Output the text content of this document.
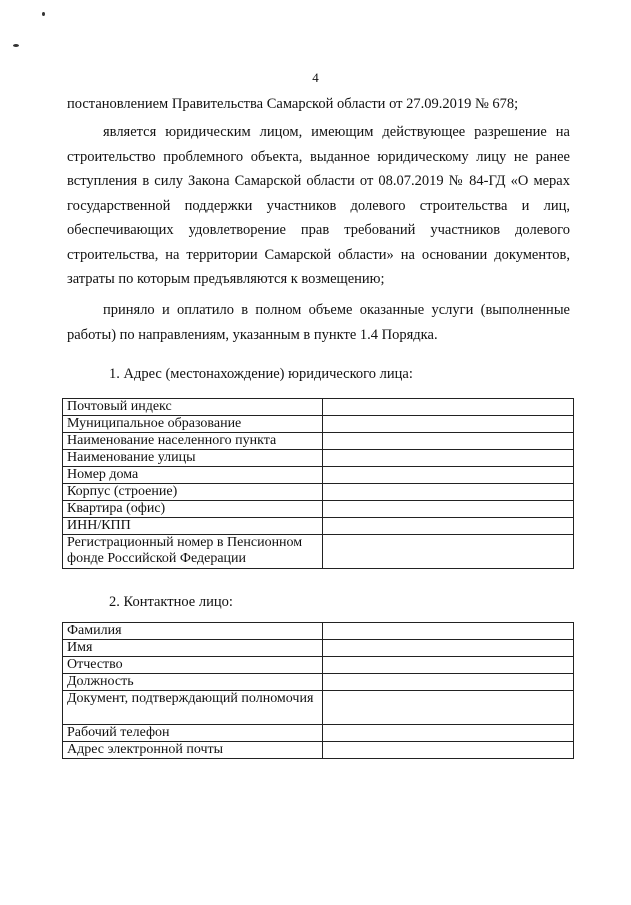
4

постановлением Правительства Самарской области от 27.09.2019 № 678;

является юридическим лицом, имеющим действующее разрешение на строительство проблемного объекта, выданное юридическому лицу не ранее вступления в силу Закона Самарской области от 08.07.2019 № 84-ГД «О мерах государственной поддержки участников долевого строительства и лиц, обеспечивающих удовлетворение прав требований участников долевого строительства, на территории Самарской области» на основании документов, затраты по которым предъявляются к возмещению;

приняло и оплатило в полном объеме оказанные услуги (выполненные работы) по направлениям, указанным в пункте 1.4 Порядка.

1. Адрес (местонахождение) юридического лица:

Почтовый индекс	
Муниципальное образование	
Наименование населенного пункта	
Наименование улицы	
Номер дома	
Корпус (строение)	
Квартира (офис)	
ИНН/КПП	
Регистрационный номер в Пенсионном фонде Российской Федерации	

2. Контактное лицо:

Фамилия	
Имя	
Отчество	
Должность	
Документ, подтверждающий полномочия	
Рабочий телефон	
Адрес электронной почты	
